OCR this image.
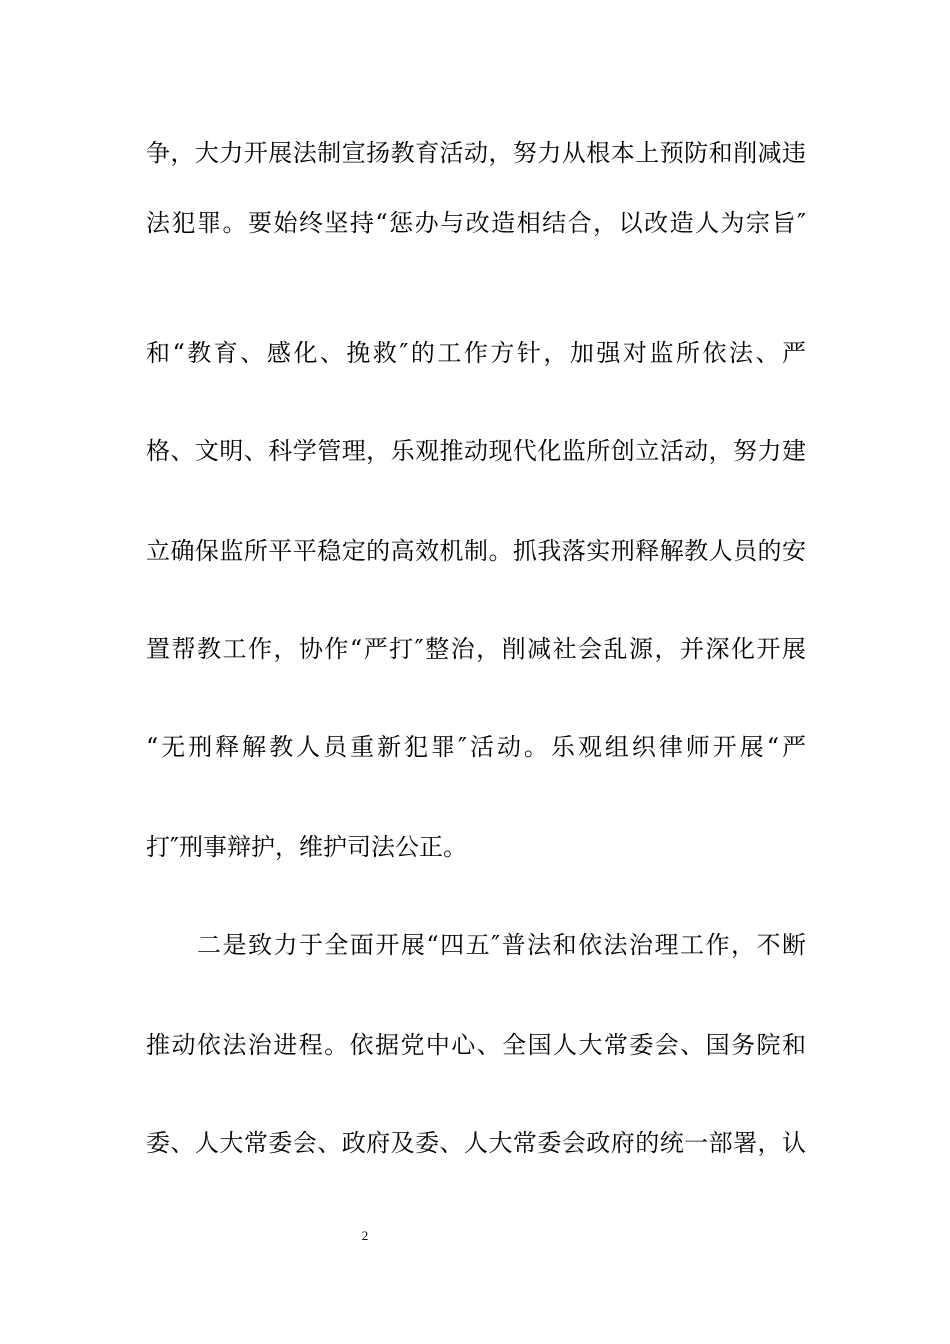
争，大力开展法制宣扬教育活动，努力从根本上预防和削减违
法犯罪。要始终坚持“惩办与改造相结合，以改造人为宗旨″
和“教育、感化、挽救″的工作方针，加强对监所依法、严
格、文明、科学管理，乐观推动现代化监所创立活动，努力建
立确保监所平平稳定的高效机制。抓我落实刑释解教人员的安
置帮教工作，协作“严打″整治，削减社会乱源，并深化开展
“无刑释解教人员重新犯罪″活动。乐观组织律师开展“严
打″刑事辩护，维护司法公正。
　　二是致力于全面开展“四五″普法和依法治理工作，不断
推动依法治进程。依据党中心、全国人大常委会、国务院和
委、人大常委会、政府及委、人大常委会政府的统一部署，认
2
